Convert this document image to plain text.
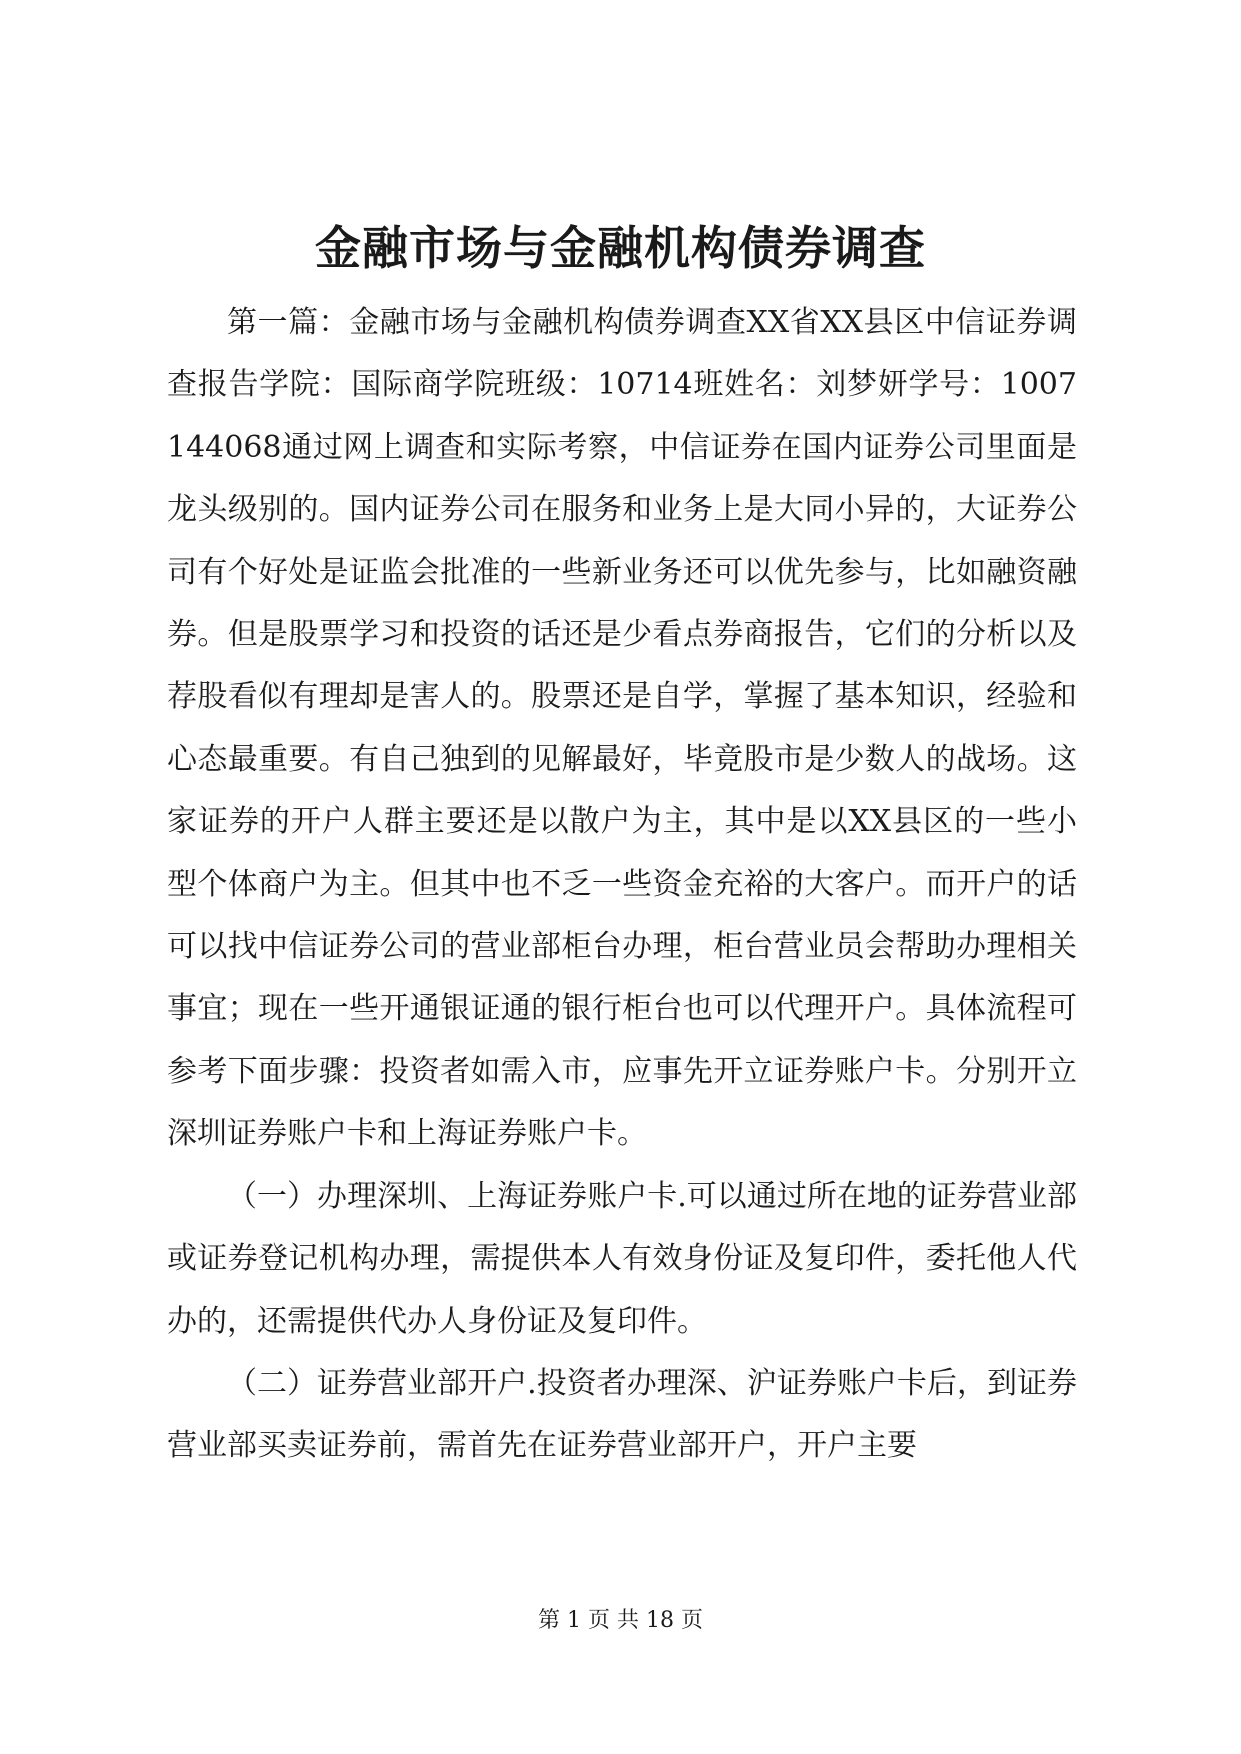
金融市场与金融机构债券调查

第一篇：金融市场与金融机构债券调查XX省XX县区中信证券调查报告学院：国际商学院班级：10714班姓名：刘梦妍学号：1007144068通过网上调查和实际考察，中信证券在国内证券公司里面是龙头级别的。国内证券公司在服务和业务上是大同小异的，大证券公司有个好处是证监会批准的一些新业务还可以优先参与，比如融资融券。但是股票学习和投资的话还是少看点券商报告，它们的分析以及荐股看似有理却是害人的。股票还是自学，掌握了基本知识，经验和心态最重要。有自己独到的见解最好，毕竟股市是少数人的战场。这家证券的开户人群主要还是以散户为主，其中是以XX县区的一些小型个体商户为主。但其中也不乏一些资金充裕的大客户。而开户的话可以找中信证券公司的营业部柜台办理，柜台营业员会帮助办理相关事宜；现在一些开通银证通的银行柜台也可以代理开户。具体流程可参考下面步骤：投资者如需入市，应事先开立证券账户卡。分别开立深圳证券账户卡和上海证券账户卡。

（一）办理深圳、上海证券账户卡.可以通过所在地的证券营业部或证券登记机构办理，需提供本人有效身份证及复印件，委托他人代办的，还需提供代办人身份证及复印件。

（二）证券营业部开户.投资者办理深、沪证券账户卡后，到证券营业部买卖证券前，需首先在证券营业部开户，开户主要

第 1 页 共 18 页
